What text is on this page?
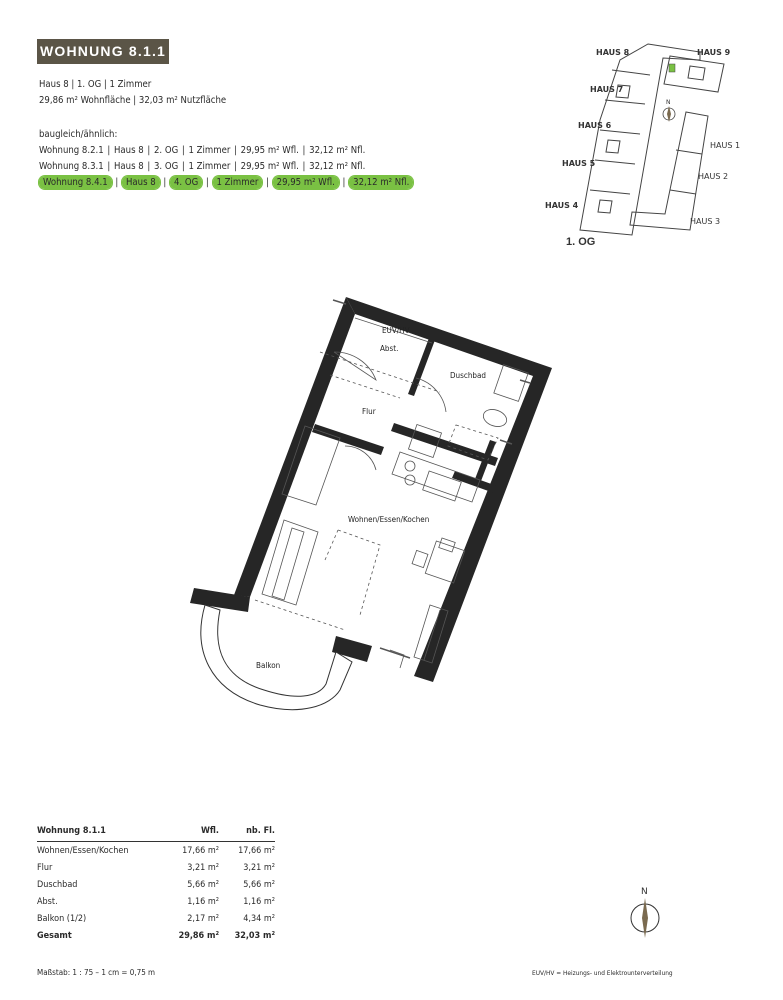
WOHNUNG 8.1.1
Haus 8 | 1. OG | 1 Zimmer
29,86 m² Wohnfläche | 32,03 m² Nutzfläche
baugleich/ähnlich:
Wohnung 8.2.1 | Haus 8 | 2. OG | 1 Zimmer | 29,95 m² Wfl. | 32,12 m² Nfl.
Wohnung 8.3.1 | Haus 8 | 3. OG | 1 Zimmer | 29,95 m² Wfl. | 32,12 m² Nfl.
Wohnung 8.4.1 | Haus 8 | 4. OG | 1 Zimmer | 29,95 m² Wfl. | 32,12 m² Nfl.
N
HAUS 8	HAUS 9
HAUS 7
HAUS 6
HAUS 5
HAUS 4
HAUS 1
HAUS 2
HAUS 3
1. OG
EUV/HV
Abst.
Duschbad
Flur
Wohnen/Essen/Kochen
Balkon
Wohnung 8.1.1	Wfl.	nb. Fl.
Wohnen/Essen/Kochen	17,66 m²	17,66 m²
Flur	3,21 m²	3,21 m²
Duschbad	5,66 m²	5,66 m²
Abst.	1,16 m²	1,16 m²
Balkon (1/2)	2,17 m²	4,34 m²
Gesamt	29,86 m²	32,03 m²
N
Maßstab: 1 : 75 – 1 cm = 0,75 m	EUV/HV = Heizungs- und Elektrounterverteilung
